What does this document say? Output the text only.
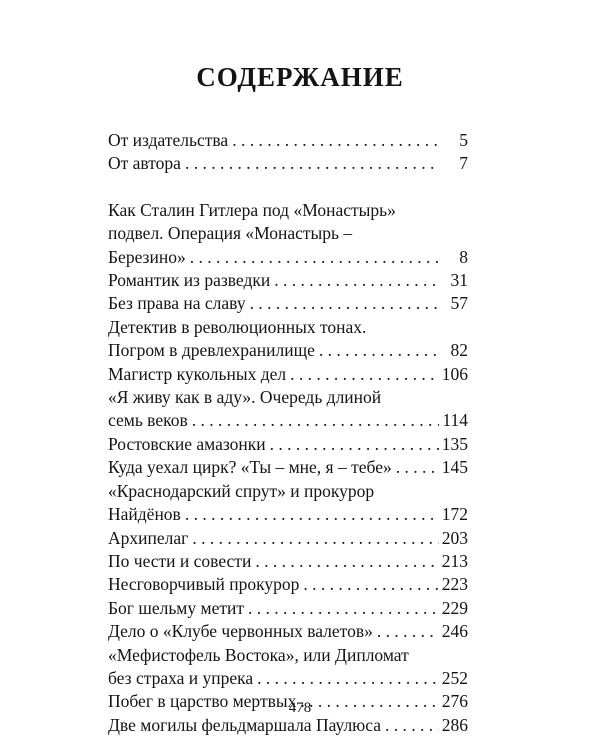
СОДЕРЖАНИЕ
От издательства . . .	5
От автора . . .	7
Как Сталин Гитлера под «Монастырь»
подвел. Операция «Монастырь –
Березино» . . .	8
Романтик из разведки . . .	31
Без права на славу . . .	57
Детектив в революционных тонах.
Погром в древлехранилище . . .	82
Магистр кукольных дел . . .	106
«Я живу как в аду». Очередь длиной
семь веков . . .	114
Ростовские амазонки . . .	135
Куда уехал цирк? «Ты – мне, я – тебе» . . .	145
«Краснодарский спрут» и прокурор
Найдёнов . . .	172
Архипелаг . . .	203
По чести и совести . . .	213
Несговорчивый прокурор . . .	223
Бог шельму метит . . .	229
Дело о «Клубе червонных валетов» . . .	246
«Мефистофель Востока», или Дипломат
без страха и упрека . . .	252
Побег в царство мертвых . . .	276
Две могилы фельдмаршала Паулюса . . .	286
478
